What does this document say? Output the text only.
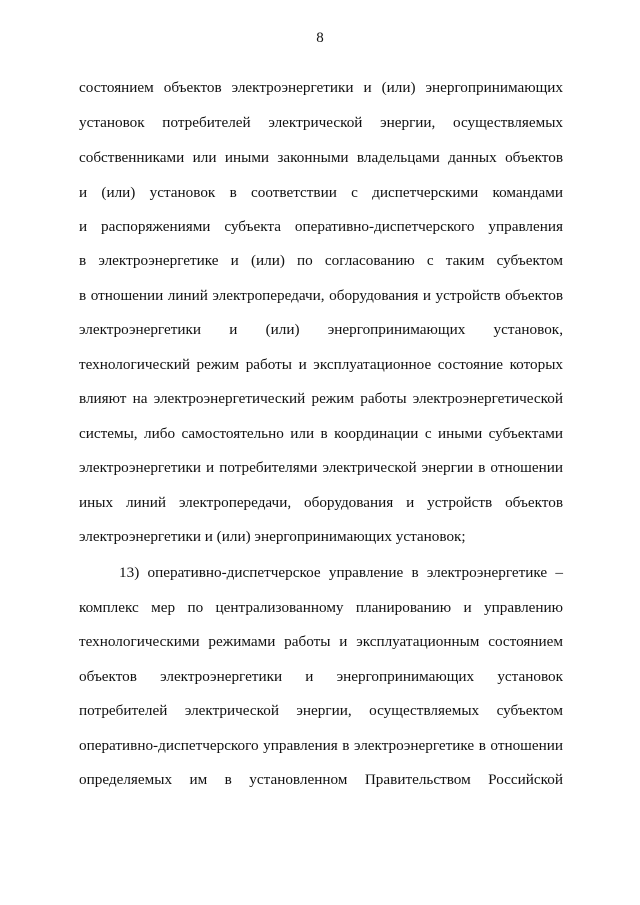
8
состоянием объектов электроэнергетики и (или) энергопринимающих
установок потребителей электрической энергии, осуществляемых
собственниками или иными законными владельцами данных объектов
и (или) установок в соответствии с диспетчерскими командами
и распоряжениями субъекта оперативно-диспетчерского управления
в электроэнергетике и (или) по согласованию с таким субъектом
в отношении линий электропередачи, оборудования и устройств объектов
электроэнергетики и (или) энергопринимающих установок,
технологический режим работы и эксплуатационное состояние которых
влияют на электроэнергетический режим работы электроэнергетической
системы, либо самостоятельно или в координации с иными субъектами
электроэнергетики и потребителями электрической энергии в отношении
иных линий электропередачи, оборудования и устройств объектов
электроэнергетики и (или) энергопринимающих установок;
13) оперативно-диспетчерское управление в электроэнергетике –
комплекс мер по централизованному планированию и управлению
технологическими режимами работы и эксплуатационным состоянием
объектов электроэнергетики и энергопринимающих установок
потребителей электрической энергии, осуществляемых субъектом
оперативно-диспетчерского управления в электроэнергетике в отношении
определяемых им в установленном Правительством Российской
